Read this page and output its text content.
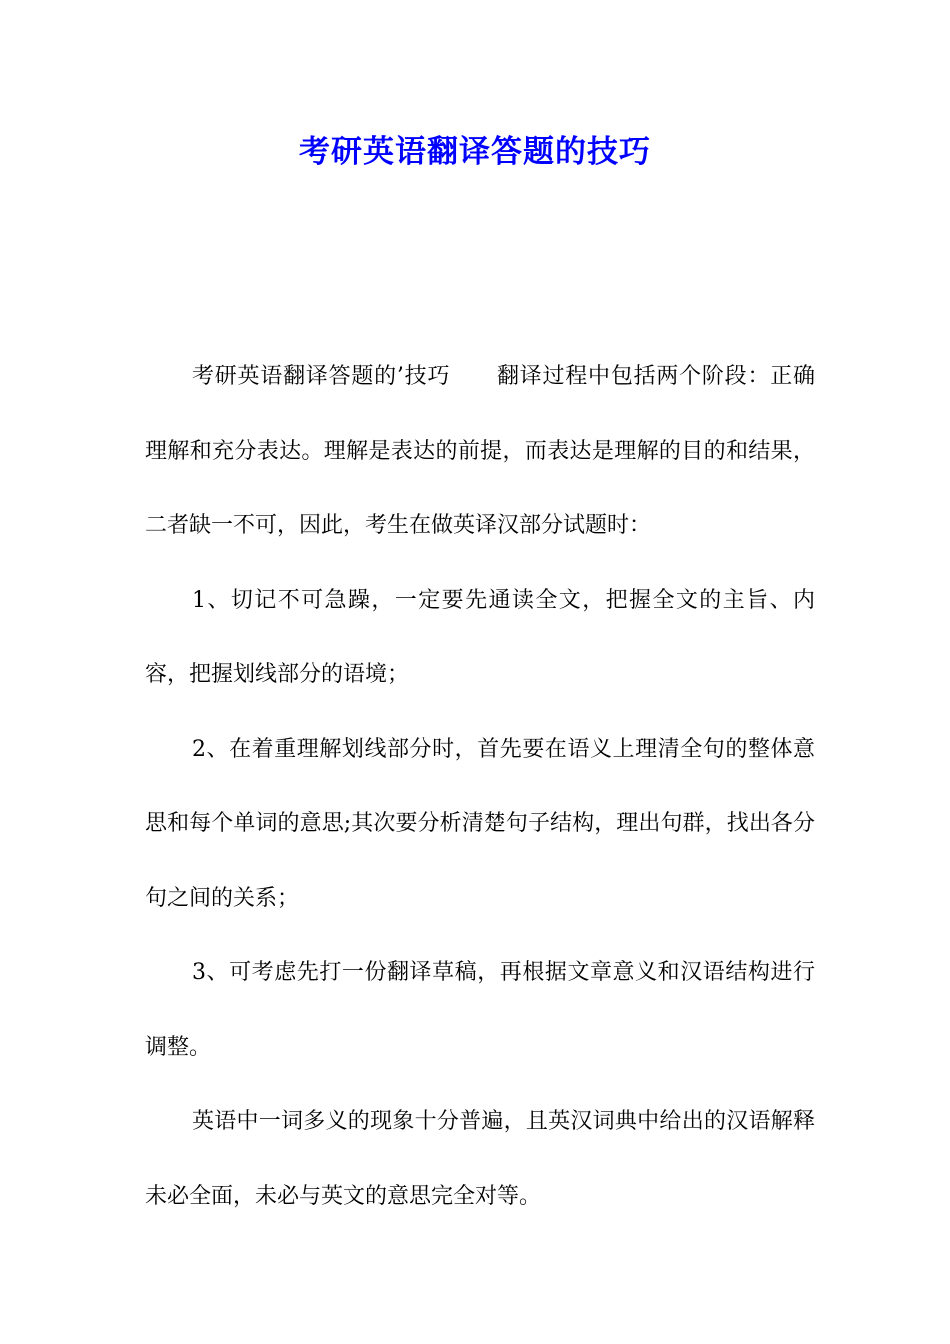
考研英语翻译答题的技巧

考研英语翻译答题的’技巧 翻译过程中包括两个阶段：正确理解和充分表达。理解是表达的前提，而表达是理解的目的和结果，二者缺一不可，因此，考生在做英译汉部分试题时：

1、切记不可急躁，一定要先通读全文，把握全文的主旨、内容，把握划线部分的语境；

2、在着重理解划线部分时，首先要在语义上理清全句的整体意思和每个单词的意思;其次要分析清楚句子结构，理出句群，找出各分句之间的关系；

3、可考虑先打一份翻译草稿，再根据文章意义和汉语结构进行调整。

英语中一词多义的现象十分普遍，且英汉词典中给出的汉语解释未必全面，未必与英文的意思完全对等。
